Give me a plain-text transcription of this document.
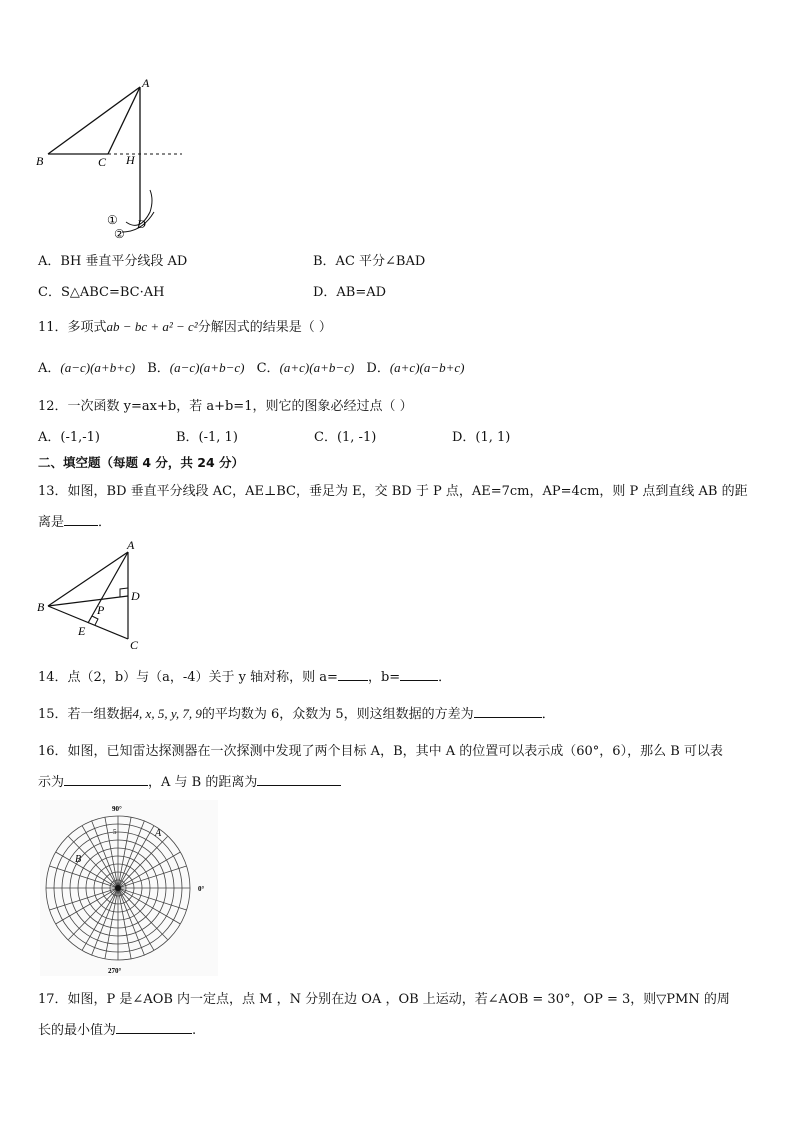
A
B	C H
D
①
②
A．BH 垂直平分线段 AD	B．AC 平分∠BAD
C．S△ABC=BC·AH	D．AB=AD
11．多项式ab − bc + a² − c²分解因式的结果是（ ）
A．(a−c)(a+b+c) B．(a−c)(a+b−c) C．(a+c)(a+b−c) D．(a+c)(a−b+c)
12．一次函数 y=ax+b，若 a+b=1，则它的图象必经过点（ ）
A．(-1,-1)	B．(-1, 1)	C．(1, -1)	D．(1, 1)
二、填空题（每题 4 分，共 24 分）
13．如图，BD 垂直平分线段 AC，AE⊥BC，垂足为 E，交 BD 于 P 点，AE=7cm，AP=4cm，则 P 点到直线 AB 的距
离是	．
A
B
C
D
P
E
14．点（2，b）与（a，-4）关于 y 轴对称，则 a= ，b=	．
15．若一组数据4, x, 5, y, 7, 9的平均数为 6，众数为 5，则这组数据的方差为	．
16．如图，已知雷达探测器在一次探测中发现了两个目标 A，B，其中 A 的位置可以表示成（60°，6），那么 B 可以表
示为	，A 与 B 的距离为
90°
0°
270°
5	A
B
17．如图，P 是∠AOB 内一定点，点 M ，N 分别在边 OA ，OB 上运动，若∠AOB = 30°，OP = 3，则▽PMN 的周
长的最小值为	.
